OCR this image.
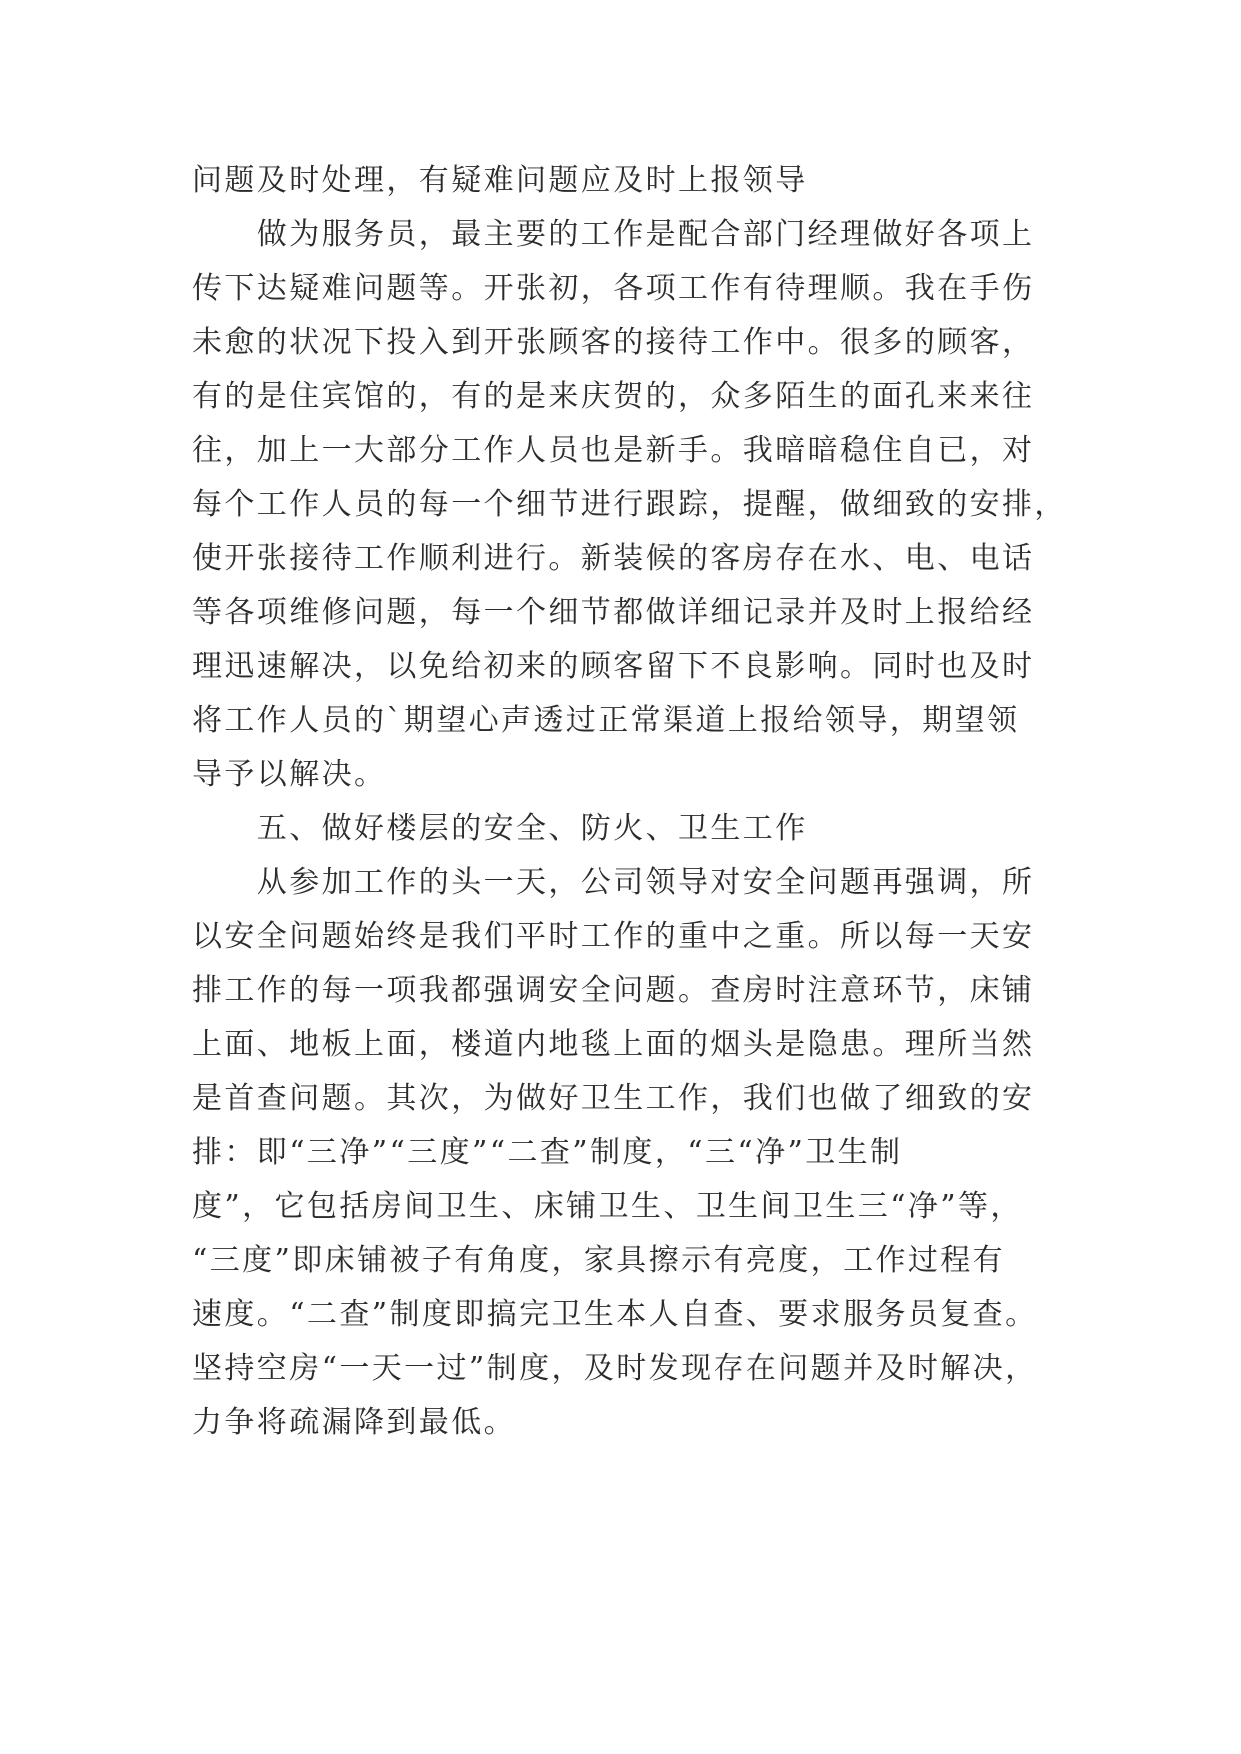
问题及时处理，有疑难问题应及时上报领导
　　做为服务员，最主要的工作是配合部门经理做好各项上
传下达疑难问题等。开张初，各项工作有待理顺。我在手伤
未愈的状况下投入到开张顾客的接待工作中。很多的顾客，
有的是住宾馆的，有的是来庆贺的，众多陌生的面孔来来往
往，加上一大部分工作人员也是新手。我暗暗稳住自已，对
每个工作人员的每一个细节进行跟踪，提醒，做细致的安排，
使开张接待工作顺利进行。新装候的客房存在水、电、电话
等各项维修问题，每一个细节都做详细记录并及时上报给经
理迅速解决，以免给初来的顾客留下不良影响。同时也及时
将工作人员的`期望心声透过正常渠道上报给领导，期望领
导予以解决。
　　五、做好楼层的安全、防火、卫生工作
　　从参加工作的头一天，公司领导对安全问题再强调，所
以安全问题始终是我们平时工作的重中之重。所以每一天安
排工作的每一项我都强调安全问题。查房时注意环节，床铺
上面、地板上面，楼道内地毯上面的烟头是隐患。理所当然
是首查问题。其次，为做好卫生工作，我们也做了细致的安
排：即“三净”“三度”“二查”制度，“三“净”卫生制
度”，它包括房间卫生、床铺卫生、卫生间卫生三“净”等，
“三度”即床铺被子有角度，家具擦示有亮度，工作过程有
速度。“二查”制度即搞完卫生本人自查、要求服务员复查。
坚持空房“一天一过”制度，及时发现存在问题并及时解决，
力争将疏漏降到最低。
